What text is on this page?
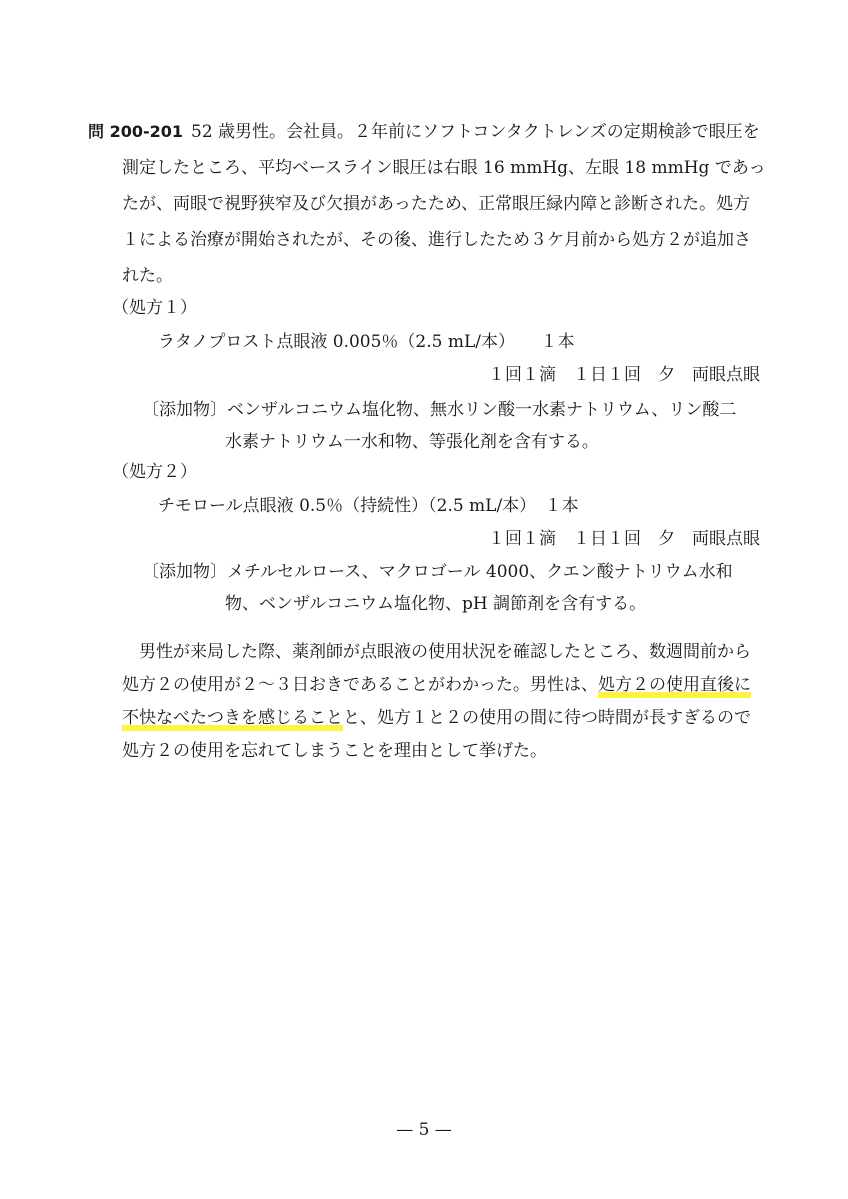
問 200-201 52 歳男性。会社員。２年前にソフトコンタクトレンズの定期検診で眼圧を
測定したところ、平均ベースライン眼圧は右眼 16 mmHg、左眼 18 mmHg であっ
たが、両眼で視野狭窄及び欠損があったため、正常眼圧緑内障と診断された。処方
１による治療が開始されたが、その後、進行したため３ケ月前から処方２が追加さ
れた。
（処方１）
ラタノプロスト点眼液 0.005％（2.5 mL/本）　　１本
１回１滴　１日１回　夕　両眼点眼
〔添加物〕ベンザルコニウム塩化物、無水リン酸一水素ナトリウム、リン酸二
水素ナトリウム一水和物、等張化剤を含有する。
（処方２）
チモロール点眼液 0.5％（持続性）（2.5 mL/本）　１本
１回１滴　１日１回　夕　両眼点眼
〔添加物〕メチルセルロース、マクロゴール 4000、クエン酸ナトリウム水和
物、ベンザルコニウム塩化物、pH 調節剤を含有する。
　男性が来局した際、薬剤師が点眼液の使用状況を確認したところ、数週間前から
処方２の使用が２～３日おきであることがわかった。男性は、処方２の使用直後に
不快なべたつきを感じることと、処方１と２の使用の間に待つ時間が長すぎるので
処方２の使用を忘れてしまうことを理由として挙げた。
— 5 —
